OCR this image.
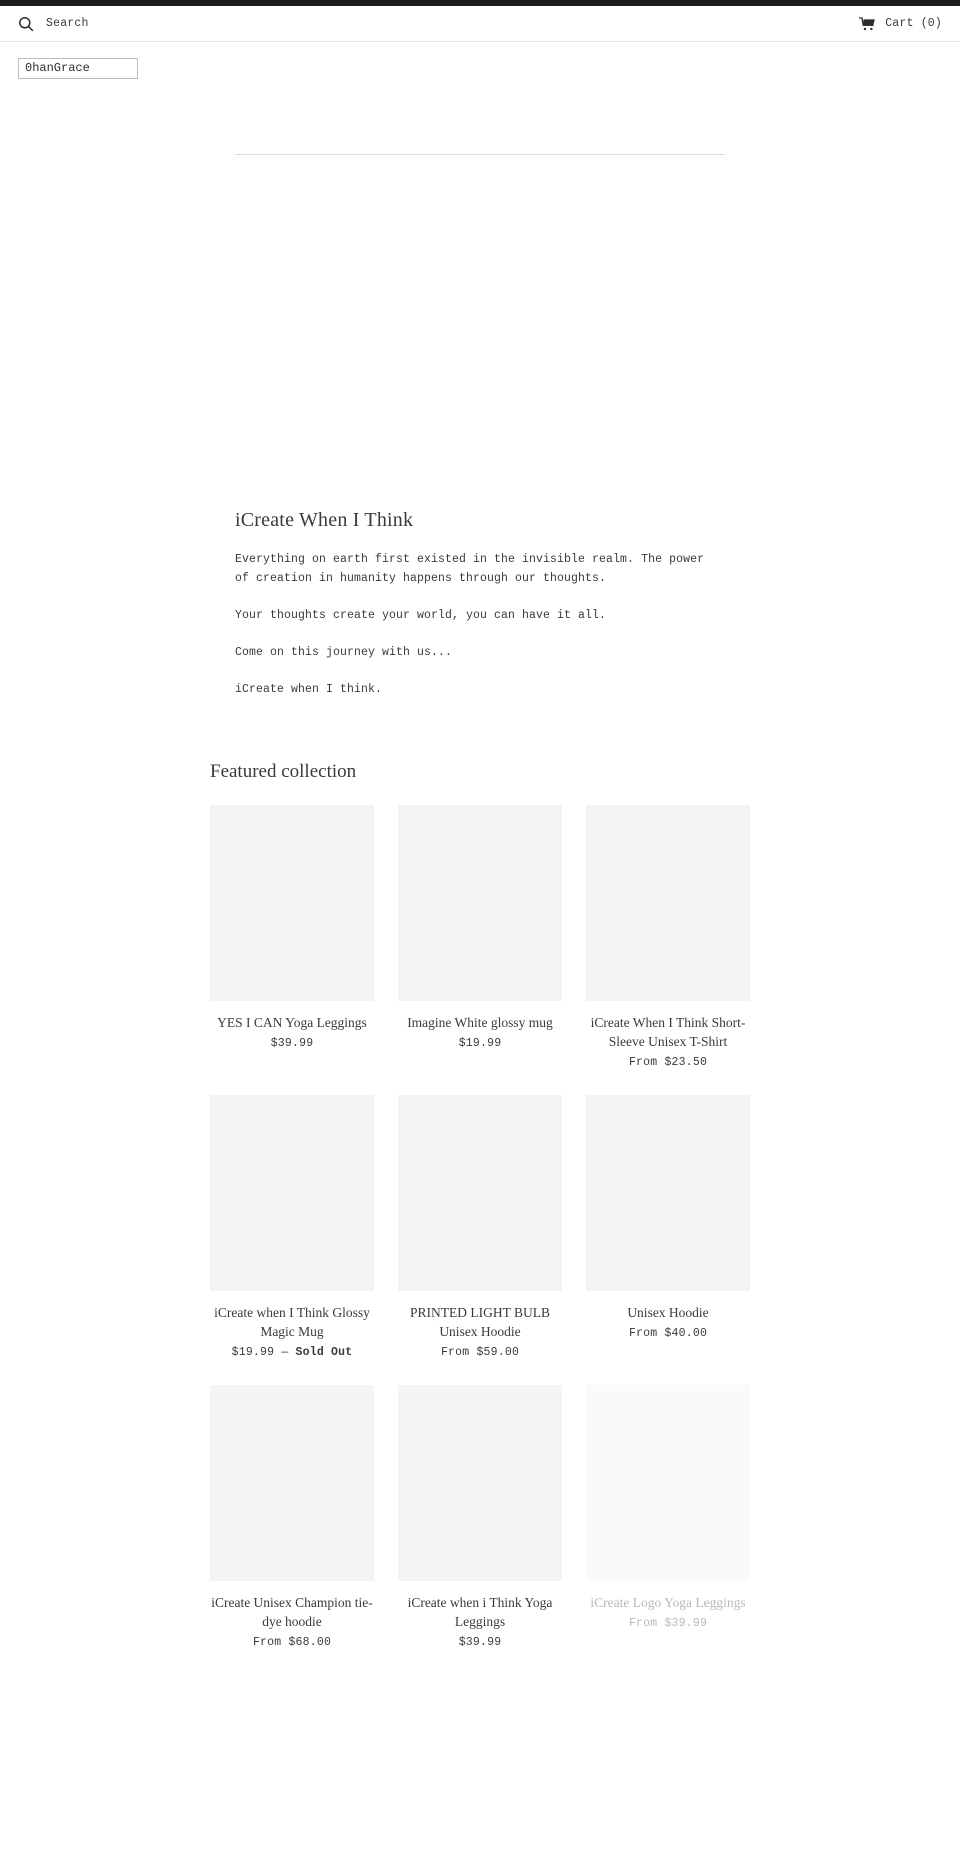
Search	Cart (0)
0hanGrace
iCreate When I Think

Everything on earth first existed in the invisible realm. The power of creation in humanity happens through our thoughts.

Your thoughts create your world, you can have it all.

Come on this journey with us...

iCreate when I think.

Featured collection
YES I CAN Yoga Leggings
$39.99
Imagine White glossy mug
$19.99
iCreate When I Think Short-Sleeve Unisex T-Shirt
From $23.50
iCreate when I Think Glossy Magic Mug
$19.99 — Sold Out
PRINTED LIGHT BULB Unisex Hoodie
From $59.00
Unisex Hoodie
From $40.00
iCreate Unisex Champion tie-dye hoodie
From $68.00
iCreate when i Think Yoga Leggings
$39.99
iCreate Logo Yoga Leggings
From $39.99
